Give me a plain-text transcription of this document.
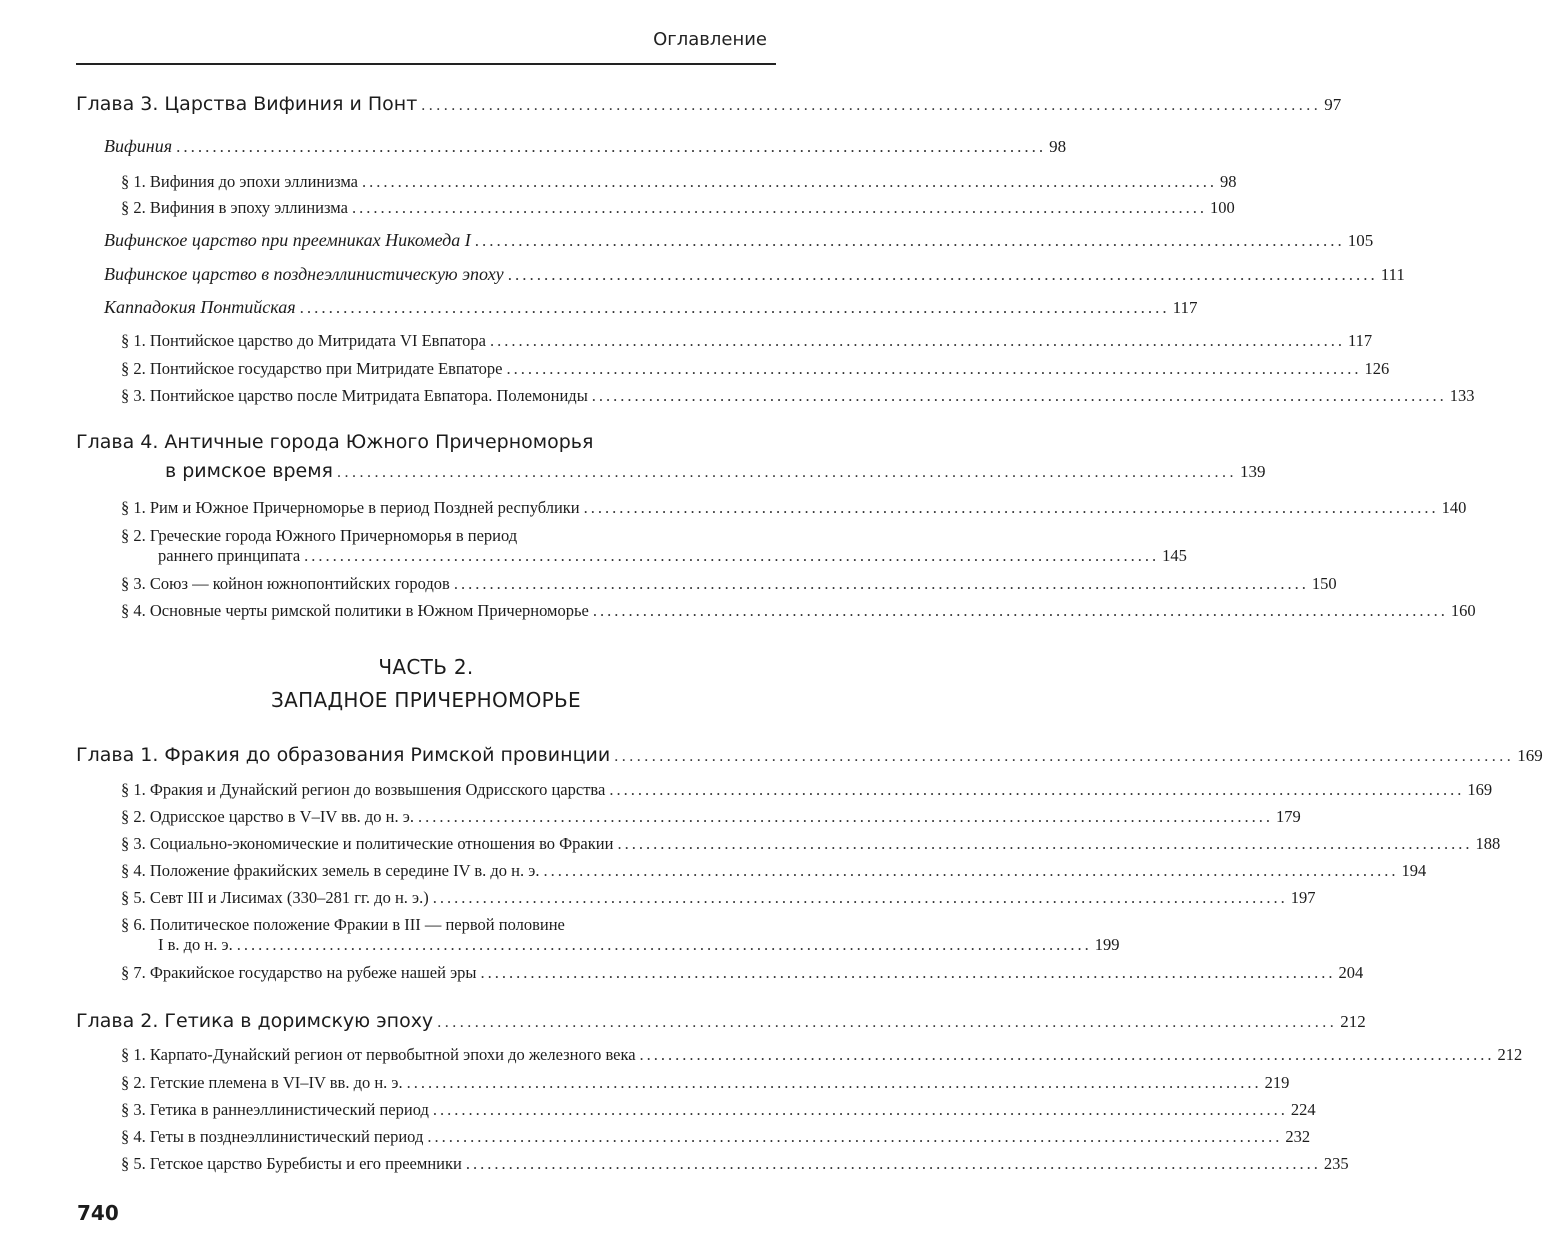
Оглавление
Глава 3. Царства Вифиния и Понт ........................................................................................................................ 97
Вифиния ........................................................................................................................ 98
§ 1. Вифиния до эпохи эллинизма ........................................................................................................................ 98
§ 2. Вифиния в эпоху эллинизма ........................................................................................................................ 100
Вифинское царство при преемниках Никомеда I ........................................................................................................................ 105
Вифинское царство в позднеэллинистическую эпоху ........................................................................................................................ 111
Каппадокия Понтийская ........................................................................................................................ 117
§ 1. Понтийское царство до Митридата VI Евпатора ........................................................................................................................ 117
§ 2. Понтийское государство при Митридате Евпаторе ........................................................................................................................ 126
§ 3. Понтийское царство после Митридата Евпатора. Полемониды ........................................................................................................................ 133
Глава 4. Античные города Южного Причерноморья
в римское время ........................................................................................................................ 139
§ 1. Рим и Южное Причерноморье в период Поздней республики ........................................................................................................................ 140
§ 2. Греческие города Южного Причерноморья в период
раннего принципата ........................................................................................................................ 145
§ 3. Союз — койнон южнопонтийских городов ........................................................................................................................ 150
§ 4. Основные черты римской политики в Южном Причерноморье ........................................................................................................................ 160
ЧАСТЬ 2.
ЗАПАДНОЕ ПРИЧЕРНОМОРЬЕ
Глава 1. Фракия до образования Римской провинции ........................................................................................................................ 169
§ 1. Фракия и Дунайский регион до возвышения Одрисского царства ........................................................................................................................ 169
§ 2. Одрисское царство в V–IV вв. до н. э. ........................................................................................................................ 179
§ 3. Социально-экономические и политические отношения во Фракии ........................................................................................................................ 188
§ 4. Положение фракийских земель в середине IV в. до н. э. ........................................................................................................................ 194
§ 5. Севт III и Лисимах (330–281 гг. до н. э.) ........................................................................................................................ 197
§ 6. Политическое положение Фракии в III — первой половине
I в. до н. э. ........................................................................................................................ 199
§ 7. Фракийское государство на рубеже нашей эры ........................................................................................................................ 204
Глава 2. Гетика в доримскую эпоху ........................................................................................................................ 212
§ 1. Карпато-Дунайский регион от первобытной эпохи до железного века ........................................................................................................................ 212
§ 2. Гетские племена в VI–IV вв. до н. э. ........................................................................................................................ 219
§ 3. Гетика в раннеэллинистический период ........................................................................................................................ 224
§ 4. Геты в позднеэллинистический период ........................................................................................................................ 232
§ 5. Гетское царство Буребисты и его преемники ........................................................................................................................ 235
740
